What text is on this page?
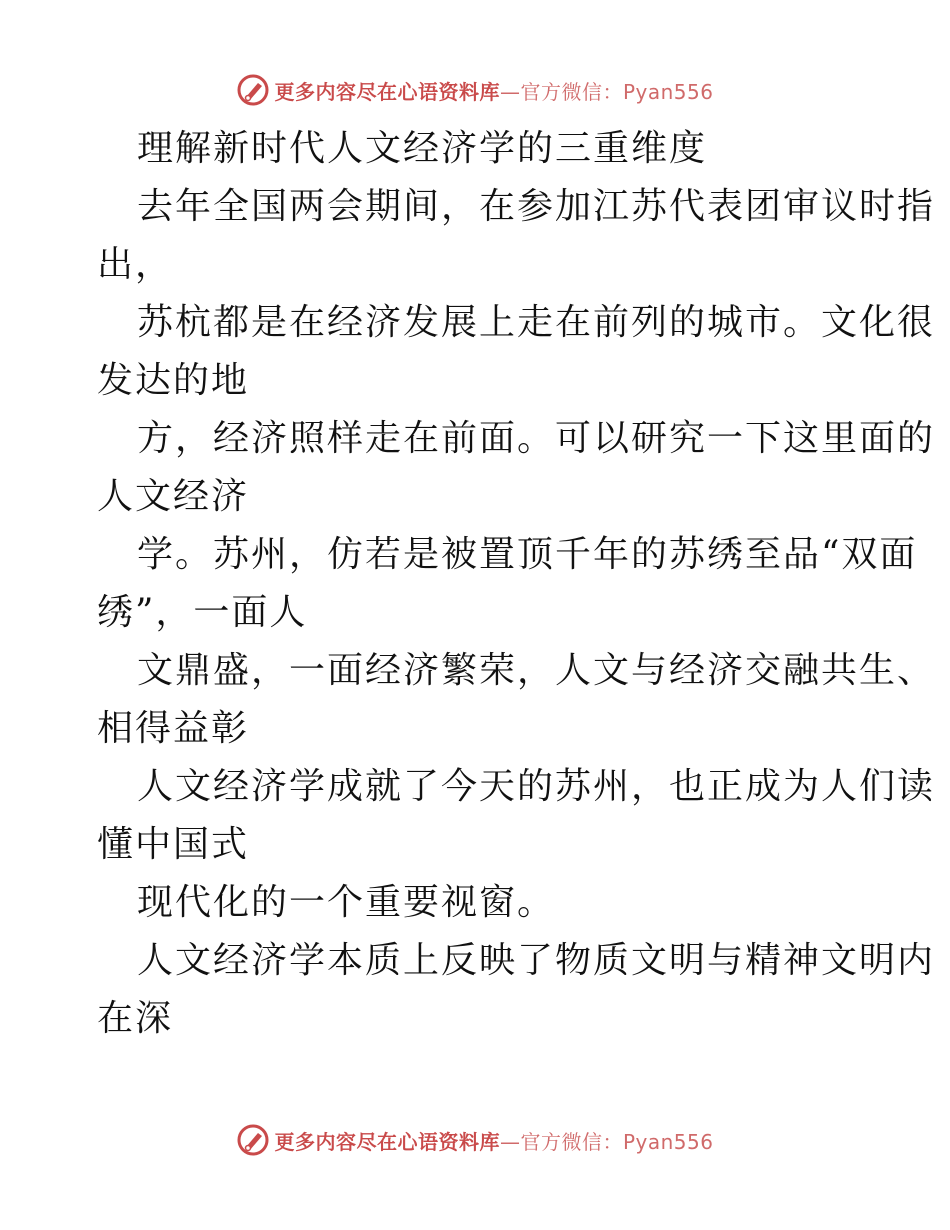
更多内容尽在心语资料库—官方微信：Pyan556
理解新时代人文经济学的三重维度
去年全国两会期间，在参加江苏代表团审议时指
出，
苏杭都是在经济发展上走在前列的城市。文化很
发达的地
方，经济照样走在前面。可以研究一下这里面的
人文经济
学。苏州，仿若是被置顶千年的苏绣至品“双面
绣”，一面人
文鼎盛，一面经济繁荣，人文与经济交融共生、
相得益彰
人文经济学成就了今天的苏州，也正成为人们读
懂中国式
现代化的一个重要视窗。
人文经济学本质上反映了物质文明与精神文明内
在深
更多内容尽在心语资料库—官方微信：Pyan556
